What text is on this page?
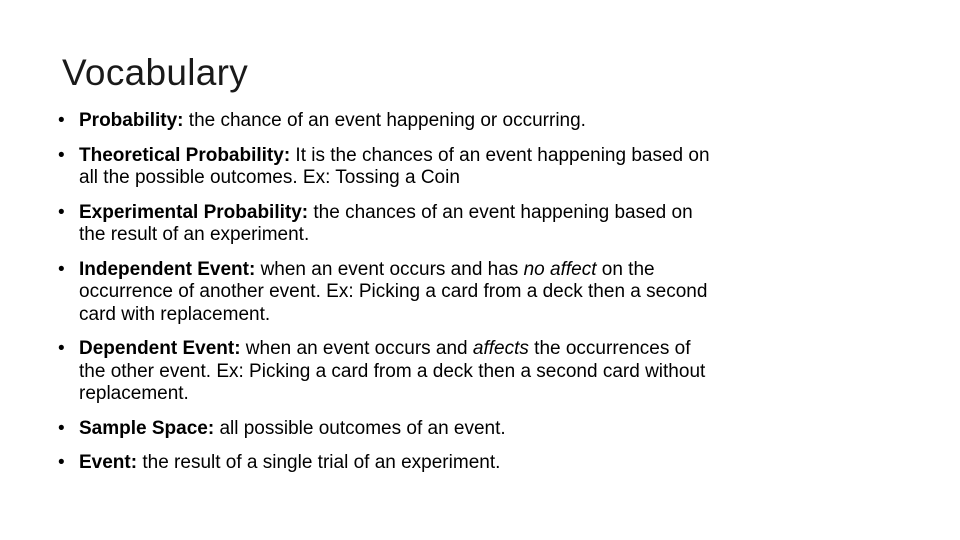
Vocabulary
• Probability: the chance of an event happening or occurring.
• Theoretical Probability: It is the chances of an event happening based on all the possible outcomes. Ex: Tossing a Coin
• Experimental Probability: the chances of an event happening based on the result of an experiment.
• Independent Event: when an event occurs and has no affect on the occurrence of another event. Ex: Picking a card from a deck then a second card with replacement.
• Dependent Event: when an event occurs and affects the occurrences of the other event. Ex: Picking a card from a deck then a second card without replacement.
• Sample Space: all possible outcomes of an event.
• Event: the result of a single trial of an experiment.
